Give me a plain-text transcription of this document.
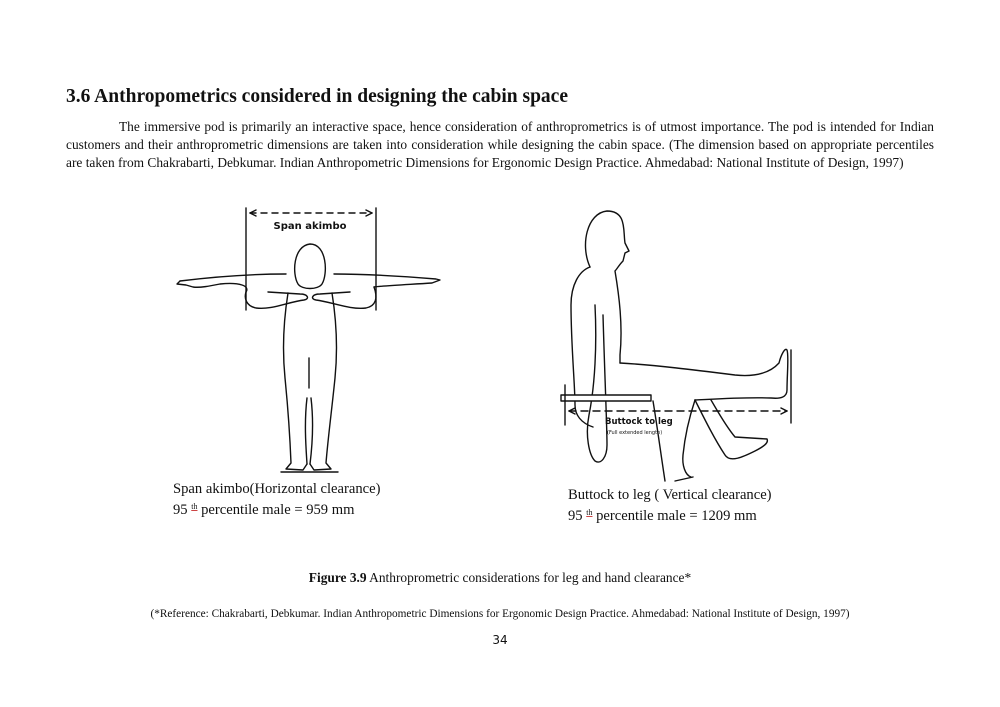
3.6 Anthropometrics considered in designing the cabin space

The immersive pod is primarily an interactive space, hence consideration of anthroprometrics is of utmost importance. The pod is intended for Indian customers and their anthroprometric dimensions are taken into consideration while designing the cabin space. (The dimension based on appropriate percentiles are taken from Chakrabarti, Debkumar. Indian Anthropometric Dimensions for Ergonomic Design Practice. Ahmedabad: National Institute of Design, 1997)

Span akimbo
Buttock to leg
(Full extended length)

Span akimbo(Horizontal clearance)
95 $^{th}$ percentile male = 959 mm

Buttock to leg ( Vertical clearance)
95 $^{th}$ percentile male = 1209 mm

Figure 3.9 Anthroprometric considerations for leg and hand clearance*

(*Reference: Chakrabarti, Debkumar. Indian Anthropometric Dimensions for Ergonomic Design Practice. Ahmedabad: National Institute of Design, 1997)

34
